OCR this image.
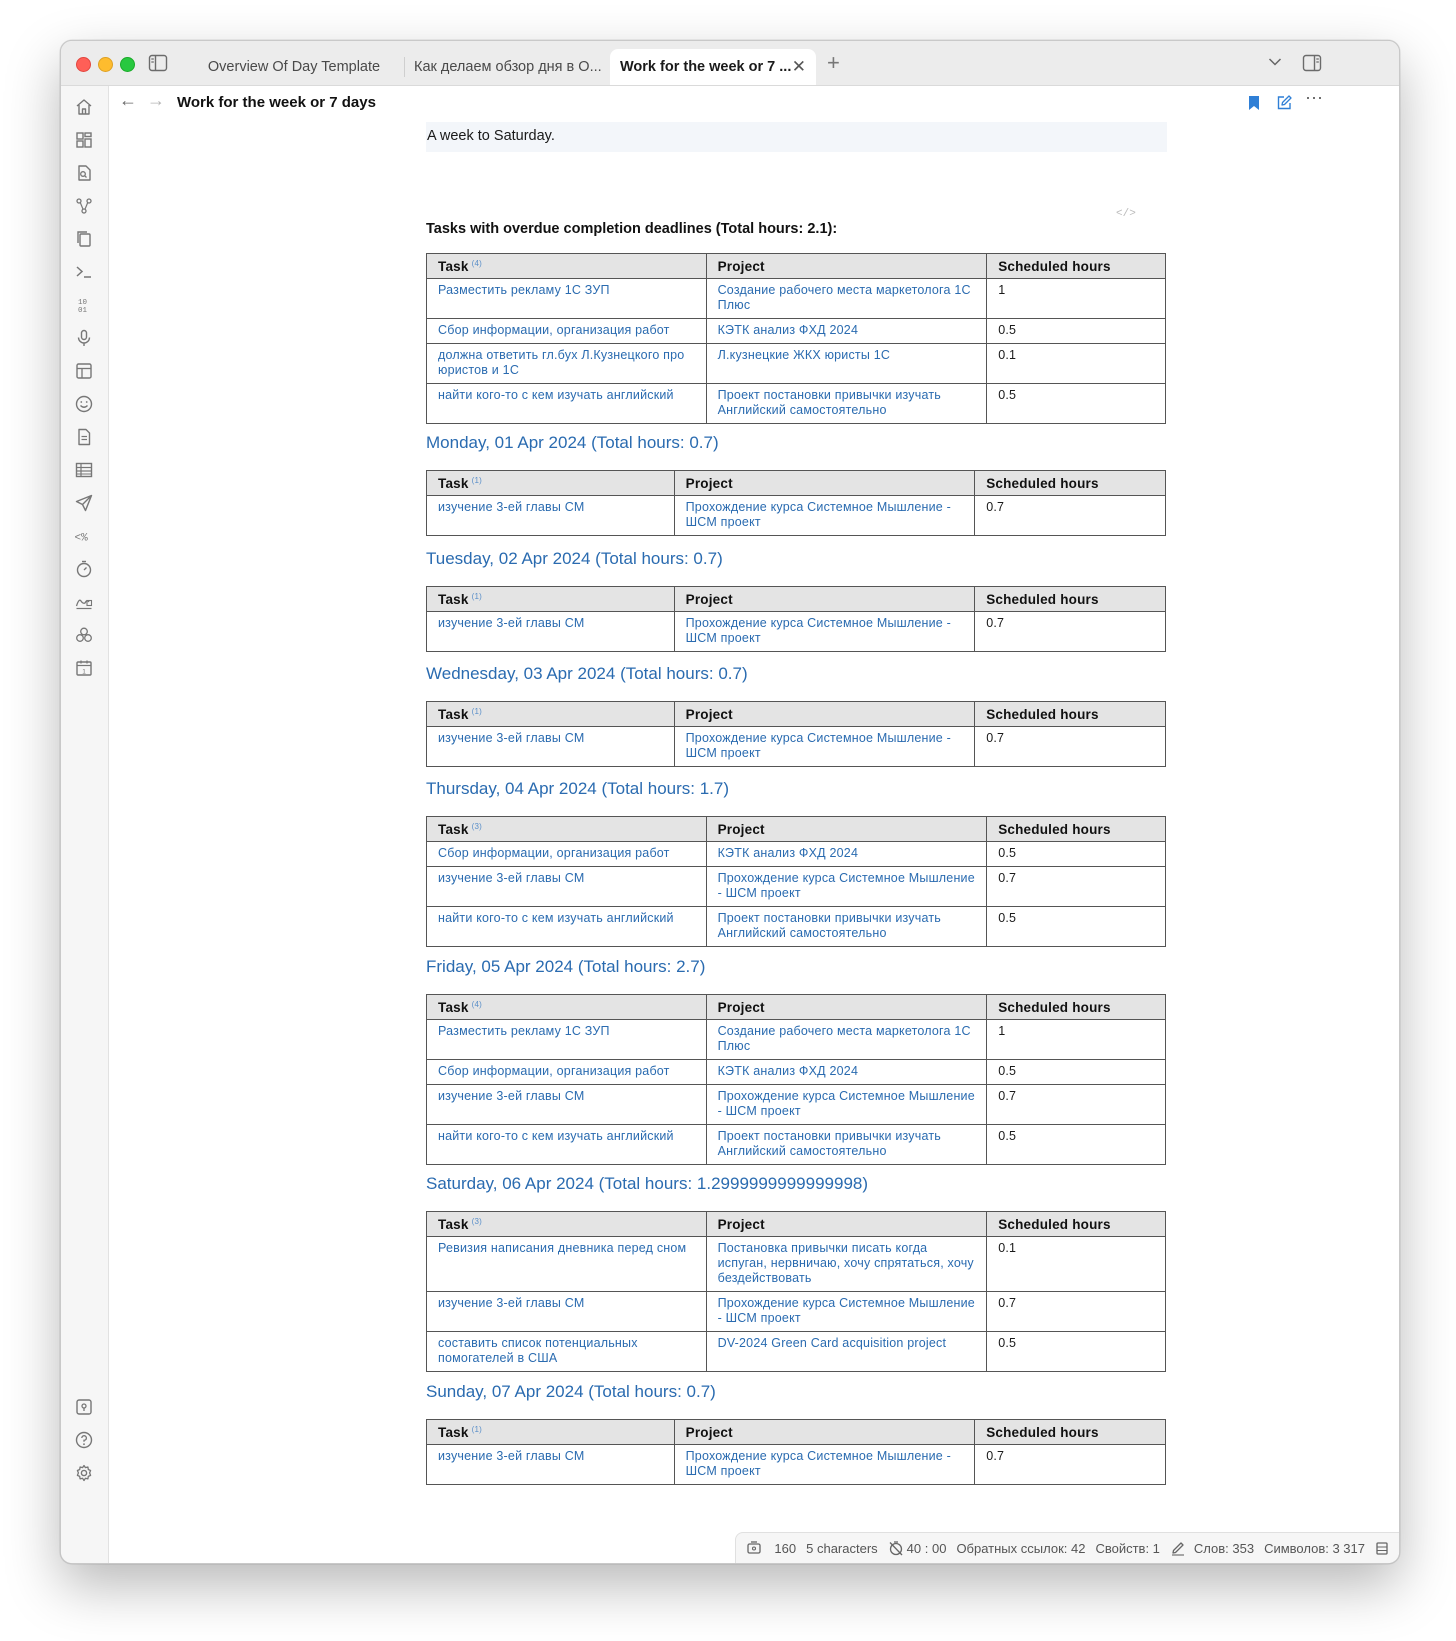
Overview Of Day Template Как делаем обзор дня в О... Work for the week or 7 ... ✕ +
10
01
<%
1
← → Work for the week or 7 days	⋯
A week to Saturday.
</>
Tasks with overdue completion deadlines (Total hours: 2.1):
Task $^{(4)}$	Project	Scheduled hours
Разместить рекламу 1С ЗУП	Создание рабочего места маркетолога 1С Плюс	1
Сбор информации, организация работ	КЭТК анализ ФХД 2024	0.5
должна ответить гл.бух Л.Кузнецкого про юристов и 1С	Л.кузнецкие ЖКХ юристы 1С	0.1
найти кого-то с кем изучать английский	Проект постановки привычки изучать Английский самостоятельно	0.5
Monday, 01 Apr 2024 (Total hours: 0.7)
Task $^{(1)}$	Project	Scheduled hours
изучение 3-ей главы СМ	Прохождение курса Системное Мышление - ШСМ проект	0.7
Tuesday, 02 Apr 2024 (Total hours: 0.7)
Task $^{(1)}$	Project	Scheduled hours
изучение 3-ей главы СМ	Прохождение курса Системное Мышление - ШСМ проект	0.7
Wednesday, 03 Apr 2024 (Total hours: 0.7)
Task $^{(1)}$	Project	Scheduled hours
изучение 3-ей главы СМ	Прохождение курса Системное Мышление - ШСМ проект	0.7
Thursday, 04 Apr 2024 (Total hours: 1.7)
Task $^{(3)}$	Project	Scheduled hours
Сбор информации, организация работ	КЭТК анализ ФХД 2024	0.5
изучение 3-ей главы СМ	Прохождение курса Системное Мышление - ШСМ проект	0.7
найти кого-то с кем изучать английский	Проект постановки привычки изучать Английский самостоятельно	0.5
Friday, 05 Apr 2024 (Total hours: 2.7)
Task $^{(4)}$	Project	Scheduled hours
Разместить рекламу 1С ЗУП	Создание рабочего места маркетолога 1С Плюс	1
Сбор информации, организация работ	КЭТК анализ ФХД 2024	0.5
изучение 3-ей главы СМ	Прохождение курса Системное Мышление - ШСМ проект	0.7
найти кого-то с кем изучать английский	Проект постановки привычки изучать Английский самостоятельно	0.5
Saturday, 06 Apr 2024 (Total hours: 1.2999999999999998)
Task $^{(3)}$	Project	Scheduled hours
Ревизия написания дневника перед сном	Постановка привычки писать когда испуган, нервничаю, хочу спрятаться, хочу бездействовать	0.1
изучение 3-ей главы СМ	Прохождение курса Системное Мышление - ШСМ проект	0.7
составить список потенциальных помогателей в США	DV-2024 Green Card acquisition project	0.5
Sunday, 07 Apr 2024 (Total hours: 0.7)
Task $^{(1)}$	Project	Scheduled hours
изучение 3-ей главы СМ	Прохождение курса Системное Мышление - ШСМ проект	0.7
160 5 characters 40 : 00 Обратных ссылок: 42 Свойств: 1	Слов: 353 Символов: 3 317
